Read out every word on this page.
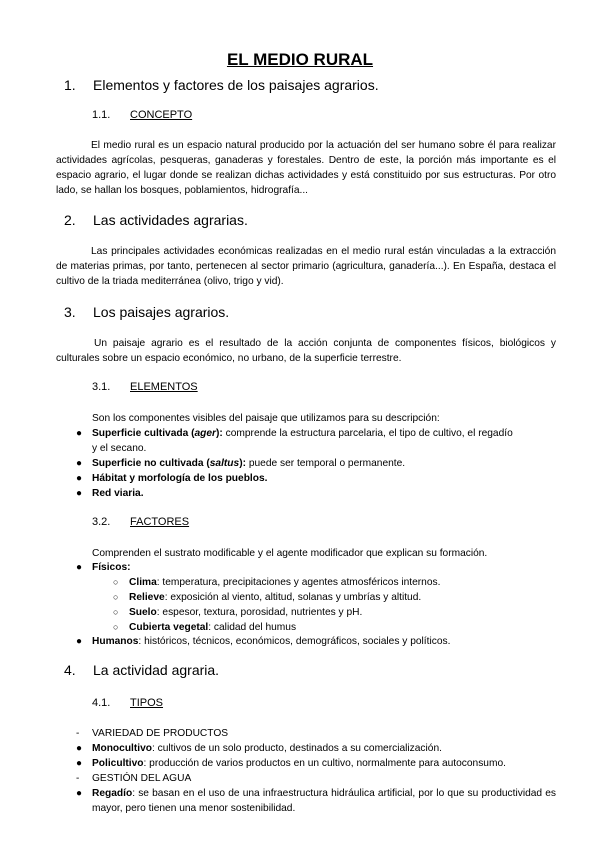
EL MEDIO RURAL
1. Elementos y factores de los paisajes agrarios.
1.1. CONCEPTO

El medio rural es un espacio natural producido por la actuación del ser humano sobre él para realizar actividades agrícolas, pesqueras, ganaderas y forestales. Dentro de este, la porción más importante es el espacio agrario, el lugar donde se realizan dichas actividades y está constituido por sus estructuras. Por otro lado, se hallan los bosques, poblamientos, hidrografía...

2. Las actividades agrarias.

Las principales actividades económicas realizadas en el medio rural están vinculadas a la extracción de materias primas, por tanto, pertenecen al sector primario (agricultura, ganadería...). En España, destaca el cultivo de la triada mediterránea (olivo, trigo y vid).

3. Los paisajes agrarios.

Un paisaje agrario es el resultado de la acción conjunta de componentes físicos, biológicos y culturales sobre un espacio económico, no urbano, de la superficie terrestre.

3.1. ELEMENTOS
Son los componentes visibles del paisaje que utilizamos para su descripción:
● Superficie cultivada (ager): comprende la estructura parcelaria, el tipo de cultivo, el regadío
y el secano.
● Superficie no cultivada (saltus): puede ser temporal o permanente.
● Hábitat y morfología de los pueblos.
● Red viaria.
3.2. FACTORES
Comprenden el sustrato modificable y el agente modificador que explican su formación.
● Físicos:
○ Clima: temperatura, precipitaciones y agentes atmosféricos internos.
○ Relieve: exposición al viento, altitud, solanas y umbrías y altitud.
○ Suelo: espesor, textura, porosidad, nutrientes y pH.
○ Cubierta vegetal: calidad del humus
● Humanos: históricos, técnicos, económicos, demográficos, sociales y políticos.
4. La actividad agraria.
4.1. TIPOS
- VARIEDAD DE PRODUCTOS
● Monocultivo: cultivos de un solo producto, destinados a su comercialización.
● Policultivo: producción de varios productos en un cultivo, normalmente para autoconsumo.
- GESTIÓN DEL AGUA
● Regadío: se basan en el uso de una infraestructura hidráulica artificial, por lo que su productividad es mayor, pero tienen una menor sostenibilidad.
